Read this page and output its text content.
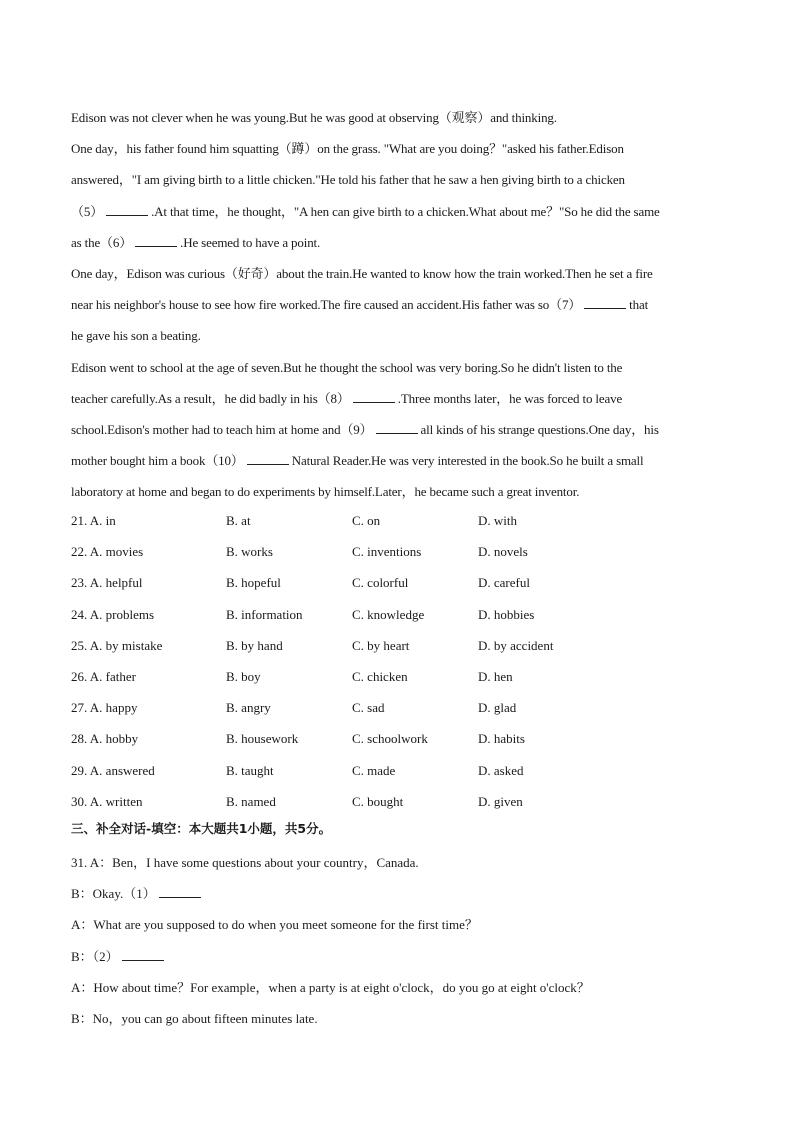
Edison was not clever when he was young.But he was good at observing（观察）and thinking.

One day，his father found him squatting（蹲）on the grass. "What are you doing？"asked his father.Edison

answered，"I am giving birth to a little chicken."He told his father that he saw a hen giving birth to a chicken

（5）	.At that time，he thought，"A hen can give birth to a chicken.What about me？"So he did the same

as the（6）	.He seemed to have a point.

One day，Edison was curious（好奇）about the train.He wanted to know how the train worked.Then he set a fire

near his neighbor's house to see how fire worked.The fire caused an accident.His father was so（7）	that

he gave his son a beating.

Edison went to school at the age of seven.But he thought the school was very boring.So he didn't listen to the

teacher carefully.As a result，he did badly in his（8）	.Three months later，he was forced to leave

school.Edison's mother had to teach him at home and（9）	all kinds of his strange questions.One day，his

mother bought him a book（10）	Natural Reader.He was very interested in the book.So he built a small

laboratory at home and began to do experiments by himself.Later，he became such a great inventor.

21. A. in	B. at	C. on	D. with
22. A. movies	B. works	C. inventions	D. novels
23. A. helpful	B. hopeful	C. colorful	D. careful
24. A. problems	B. information	C. knowledge	D. hobbies
25. A. by mistake	B. by hand	C. by heart	D. by accident
26. A. father	B. boy	C. chicken	D. hen
27. A. happy	B. angry	C. sad	D. glad
28. A. hobby	B. housework	C. schoolwork	D. habits
29. A. answered	B. taught	C. made	D. asked
30. A. written	B. named	C. bought	D. given
三、补全对话-填空：本大题共1小题，共5分。

31. A：Ben，I have some questions about your country，Canada.

B：Okay.（1）

A：What are you supposed to do when you meet someone for the first time？

B：（2）

A：How about time？For example，when a party is at eight o'clock，do you go at eight o'clock？

B：No，you can go about fifteen minutes late.
